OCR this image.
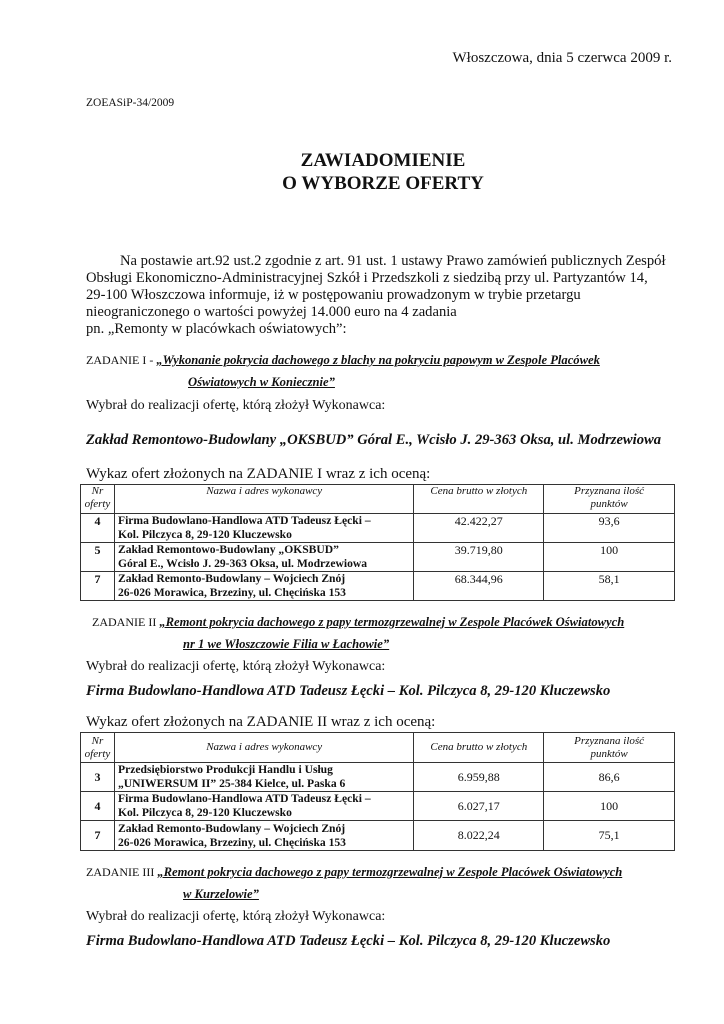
Włoszczowa, dnia 5 czerwca 2009 r.
ZOEASiP-34/2009
ZAWIADOMIENIE
O WYBORZE OFERTY

Na postawie art.92 ust.2 zgodnie z art. 91 ust. 1 ustawy Prawo zamówień publicznych Zespół

Obsługi Ekonomiczno-Administracyjnej Szkół i Przedszkoli z siedzibą przy ul. Partyzantów 14,

29-100 Włoszczowa informuje, iż w postępowaniu prowadzonym w trybie przetargu

nieograniczonego o wartości powyżej 14.000 euro na 4 zadania

pn. „Remonty w placówkach oświatowych”:

ZADANIE I - „Wykonanie pokrycia dachowego z blachy na pokryciu papowym w Zespole Placówek
Oświatowych w Koniecznie”
Wybrał do realizacji ofertę, którą złożył Wykonawca:
Zakład Remontowo-Budowlany „OKSBUD” Góral E., Wcisło J. 29-363 Oksa, ul. Modrzewiowa
Wykaz ofert złożonych na ZADANIE I wraz z ich oceną:
Nr
oferty	Nazwa i adres wykonawcy	Cena brutto w złotych	Przyznana ilość
punktów
4	Firma Budowlano-Handlowa ATD Tadeusz Łęcki –
Kol. Pilczyca 8, 29-120 Kluczewsko	42.422,27	93,6
5	Zakład Remontowo-Budowlany „OKSBUD”
Góral E., Wcisło J. 29-363 Oksa, ul. Modrzewiowa	39.719,80	100
7	Zakład Remonto-Budowlany – Wojciech Znój
26-026 Morawica, Brzeziny, ul. Chęcińska 153	68.344,96	58,1
ZADANIE II „Remont pokrycia dachowego z papy termozgrzewalnej w Zespole Placówek Oświatowych
nr 1 we Włoszczowie Filia w Łachowie”
Wybrał do realizacji ofertę, którą złożył Wykonawca:
Firma Budowlano-Handlowa ATD Tadeusz Łęcki – Kol. Pilczyca 8, 29-120 Kluczewsko
Wykaz ofert złożonych na ZADANIE II wraz z ich oceną:
Nr
oferty	Nazwa i adres wykonawcy	Cena brutto w złotych	Przyznana ilość
punktów
3	Przedsiębiorstwo Produkcji Handlu i Usług
„UNIWERSUM II” 25-384 Kielce, ul. Paska 6	6.959,88	86,6
4	Firma Budowlano-Handlowa ATD Tadeusz Łęcki –
Kol. Pilczyca 8, 29-120 Kluczewsko	6.027,17	100
7	Zakład Remonto-Budowlany – Wojciech Znój
26-026 Morawica, Brzeziny, ul. Chęcińska 153	8.022,24	75,1
ZADANIE III „Remont pokrycia dachowego z papy termozgrzewalnej w Zespole Placówek Oświatowych
w Kurzelowie”
Wybrał do realizacji ofertę, którą złożył Wykonawca:
Firma Budowlano-Handlowa ATD Tadeusz Łęcki – Kol. Pilczyca 8, 29-120 Kluczewsko
